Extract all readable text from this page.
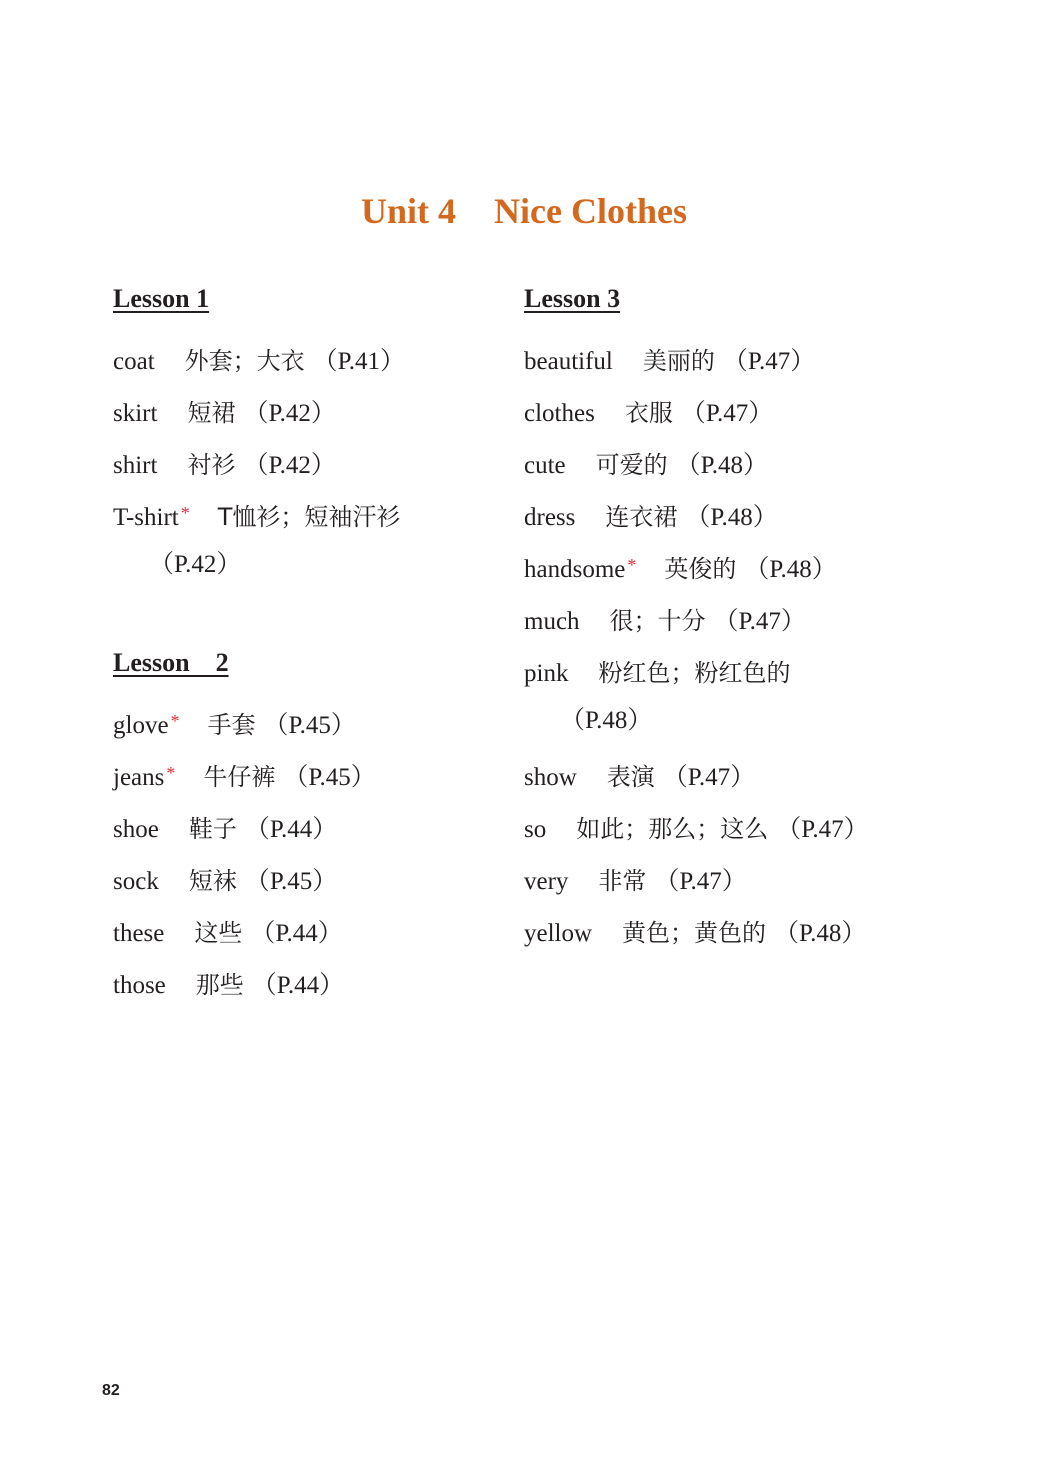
Unit 4 Nice Clothes
Lesson 1
coat 外套；大衣 （P.41）
skirt 短裙 （P.42）
shirt 衬衫 （P.42）
T-shirt * T恤衫；短袖汗衫
（P.42）
Lesson　2
glove * 手套 （P.45）
jeans * 牛仔裤 （P.45）
shoe 鞋子 （P.44）
sock 短袜 （P.45）
these 这些 （P.44）
those 那些 （P.44）
Lesson 3
beautiful 美丽的 （P.47）
clothes 衣服 （P.47）
cute 可爱的 （P.48）
dress 连衣裙 （P.48）
handsome * 英俊的 （P.48）
much 很；十分 （P.47）
pink 粉红色；粉红色的
（P.48）
show 表演 （P.47）
so 如此；那么；这么 （P.47）
very 非常 （P.47）
yellow 黄色；黄色的 （P.48）
82
